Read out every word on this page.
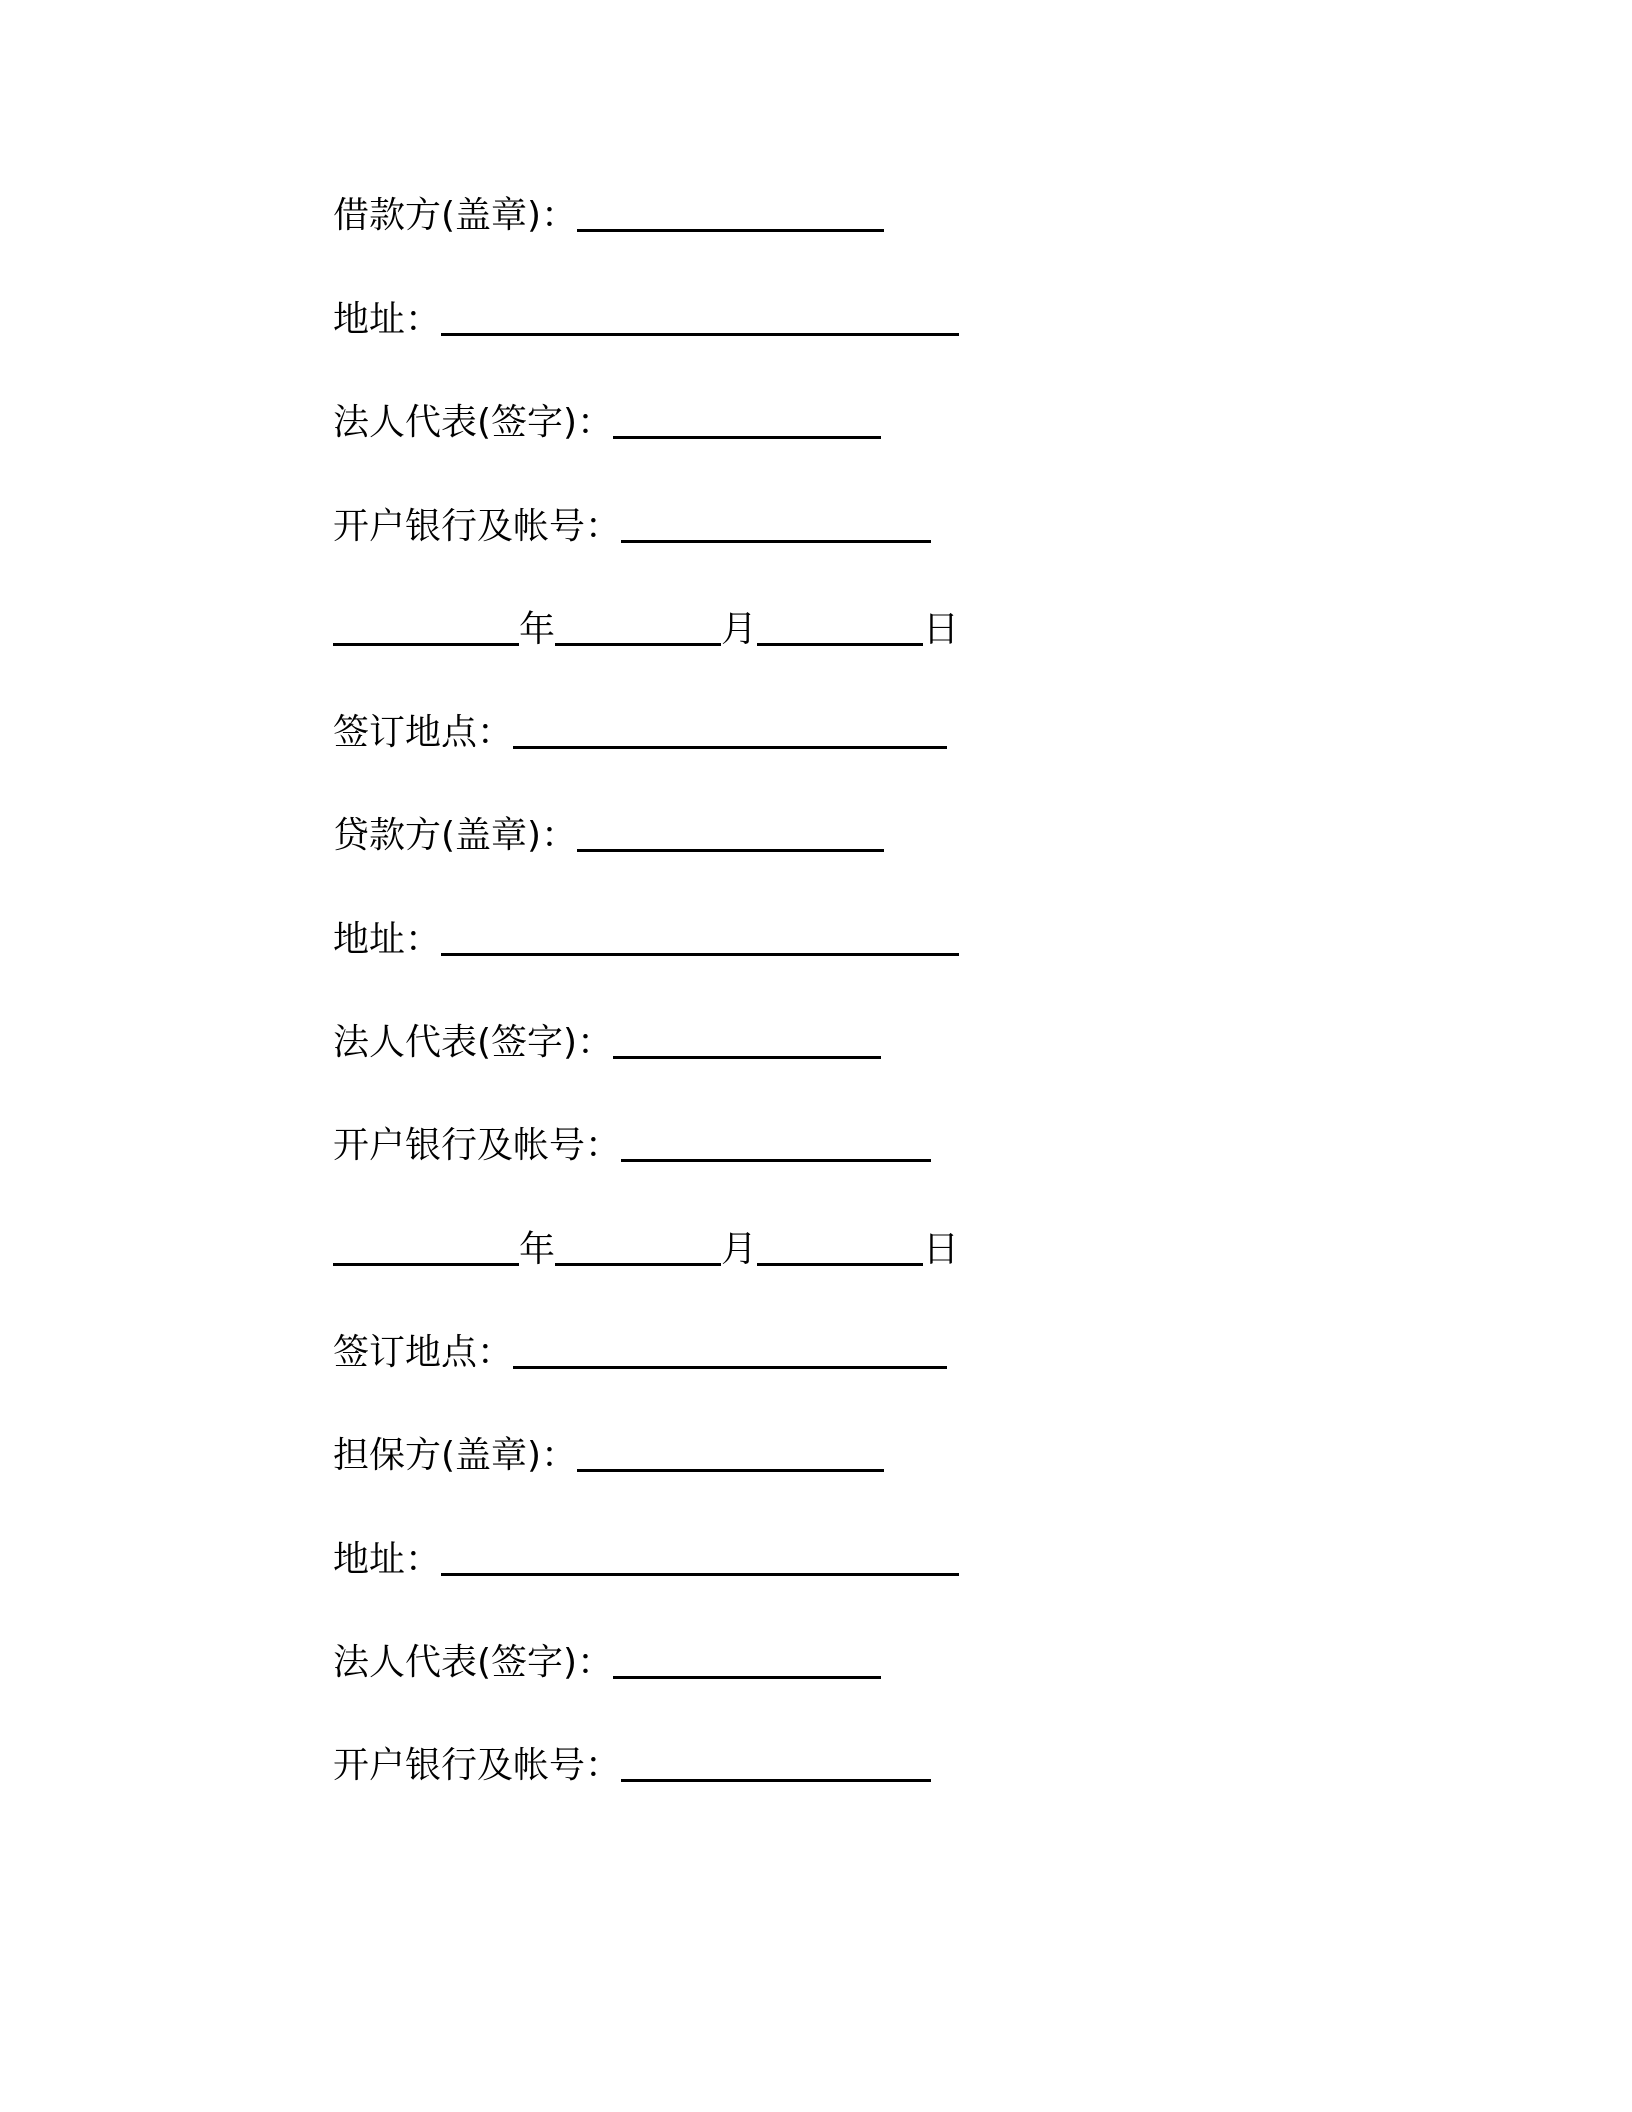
借款方(盖章)：
地址：
法人代表(签字)：
开户银行及帐号：
年	月	日
签订地点：
贷款方(盖章)：
地址：
法人代表(签字)：
开户银行及帐号：
年	月	日
签订地点：
担保方(盖章)：
地址：
法人代表(签字)：
开户银行及帐号：
